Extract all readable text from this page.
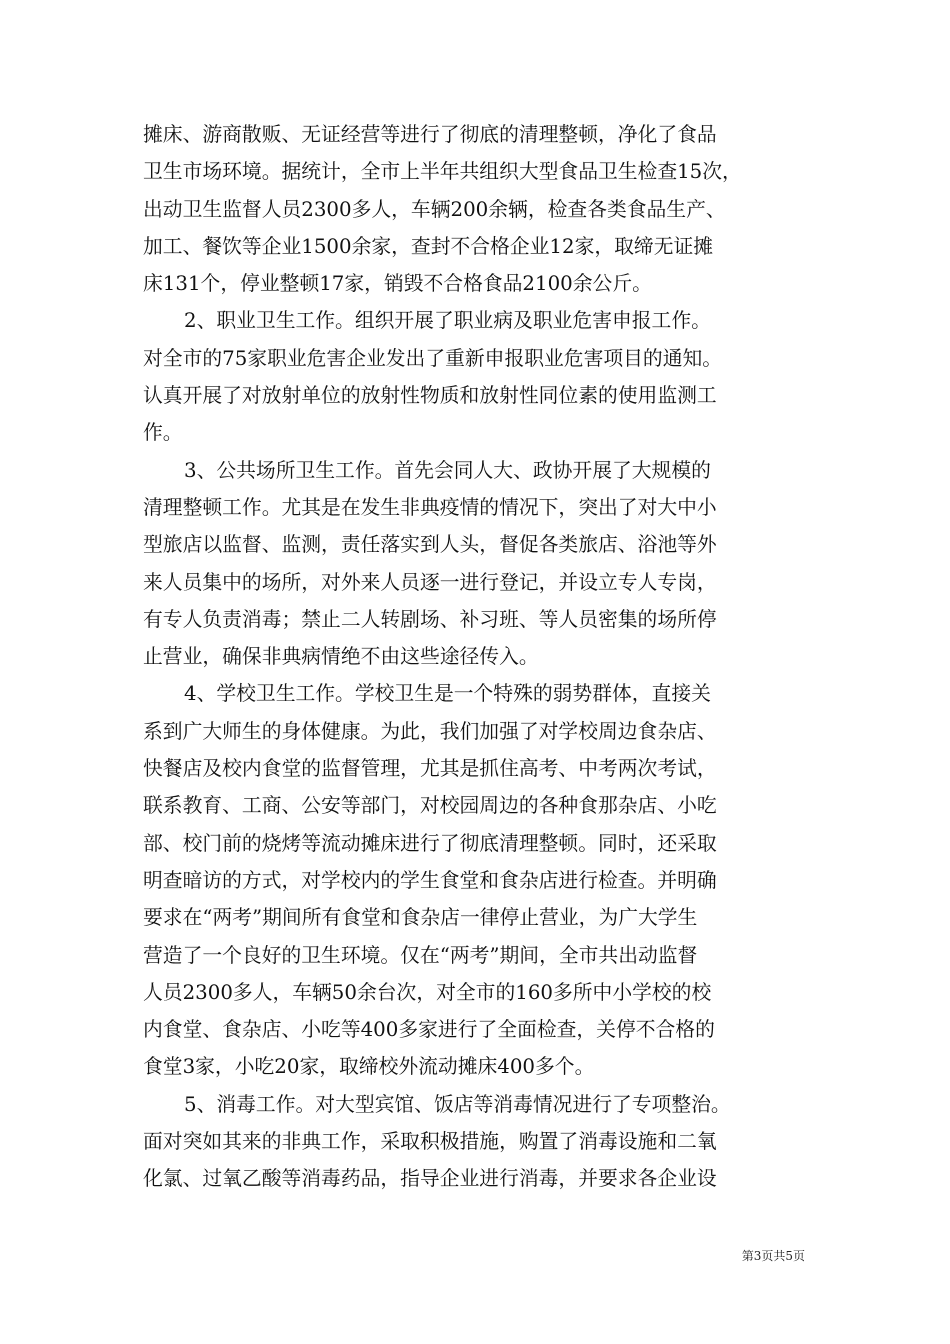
摊床、游商散贩、无证经营等进行了彻底的清理整顿，净化了食品
卫生市场环境。据统计，全市上半年共组织大型食品卫生检查15次，
出动卫生监督人员2300多人，车辆200余辆，检查各类食品生产、
加工、餐饮等企业1500余家，查封不合格企业12家，取缔无证摊
床131个，停业整顿17家，销毁不合格食品2100余公斤。
2、职业卫生工作。组织开展了职业病及职业危害申报工作。
对全市的75家职业危害企业发出了重新申报职业危害项目的通知。
认真开展了对放射单位的放射性物质和放射性同位素的使用监测工
作。
3、公共场所卫生工作。首先会同人大、政协开展了大规模的
清理整顿工作。尤其是在发生非典疫情的情况下，突出了对大中小
型旅店以监督、监测，责任落实到人头，督促各类旅店、浴池等外
来人员集中的场所，对外来人员逐一进行登记，并设立专人专岗，
有专人负责消毒；禁止二人转剧场、补习班、等人员密集的场所停
止营业，确保非典病情绝不由这些途径传入。
4、学校卫生工作。学校卫生是一个特殊的弱势群体，直接关
系到广大师生的身体健康。为此，我们加强了对学校周边食杂店、
快餐店及校内食堂的监督管理，尤其是抓住高考、中考两次考试，
联系教育、工商、公安等部门，对校园周边的各种食那杂店、小吃
部、校门前的烧烤等流动摊床进行了彻底清理整顿。同时，还采取
明查暗访的方式，对学校内的学生食堂和食杂店进行检查。并明确
要求在“两考”期间所有食堂和食杂店一律停止营业，为广大学生
营造了一个良好的卫生环境。仅在“两考”期间，全市共出动监督
人员2300多人，车辆50余台次，对全市的160多所中小学校的校
内食堂、食杂店、小吃等400多家进行了全面检查，关停不合格的
食堂3家，小吃20家，取缔校外流动摊床400多个。
5、消毒工作。对大型宾馆、饭店等消毒情况进行了专项整治。
面对突如其来的非典工作，采取积极措施，购置了消毒设施和二氧
化氯、过氧乙酸等消毒药品，指导企业进行消毒，并要求各企业设
第3页共5页
